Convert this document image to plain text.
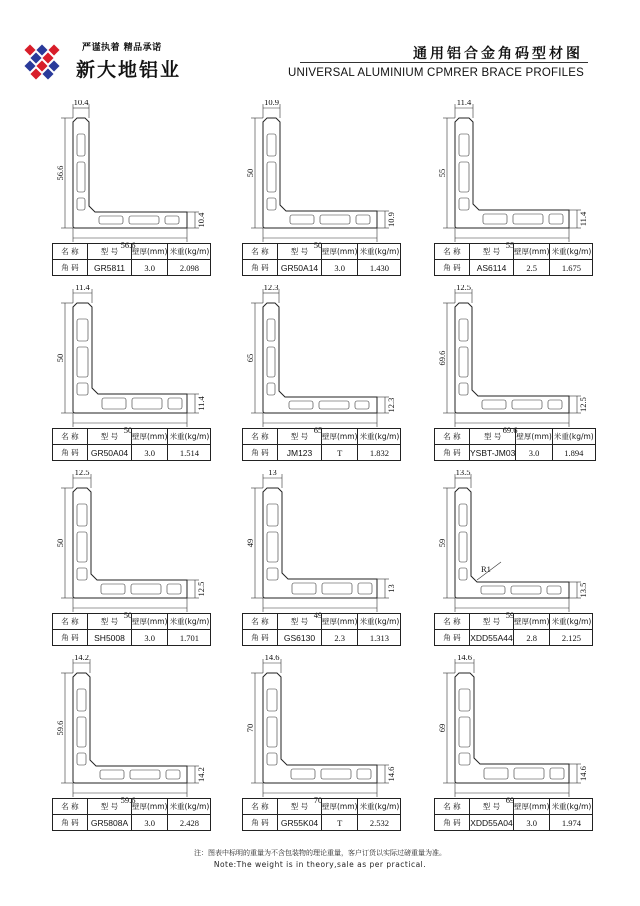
严谨执着 精品承诺
新大地铝业
通用铝合金角码型材图
UNIVERSAL ALUMINIUM CPMRER BRACE PROFILES
10.4
56.6
56.6
10.4
名 称	型 号	壁厚(mm)	米重(kg/m)
角 码	GR5811	3.0	2.098
10.9
50
50
10.9
名 称	型 号	壁厚(mm)	米重(kg/m)
角 码	GR50A14	3.0	1.430
11.4
55
55
11.4
名 称	型 号	壁厚(mm)	米重(kg/m)
角 码	AS6114	2.5	1.675
11.4
50
50
11.4
名 称	型 号	壁厚(mm)	米重(kg/m)
角 码	GR50A04	3.0	1.514
12.3
65
65
12.3
名 称	型 号	壁厚(mm)	米重(kg/m)
角 码	JM123	T	1.832
12.5
69.6
69.6
12.5
名 称	型 号	壁厚(mm)	米重(kg/m)
角 码	YSBT-JM03	3.0	1.894
12.5
50
50
12.5
名 称	型 号	壁厚(mm)	米重(kg/m)
角 码	SH5008	3.0	1.701
13
49
49
13
名 称	型 号	壁厚(mm)	米重(kg/m)
角 码	GS6130	2.3	1.313
13.5
59
59
13.5
R1
名 称	型 号	壁厚(mm)	米重(kg/m)
角 码	XDD55A44	2.8	2.125
14.2
59.6
59.6
14.2
名 称	型 号	壁厚(mm)	米重(kg/m)
角 码	GR5808A	3.0	2.428
14.6
70
70
14.6
名 称	型 号	壁厚(mm)	米重(kg/m)
角 码	GR55K04	T	2.532
14.6
69
69
14.6
名 称	型 号	壁厚(mm)	米重(kg/m)
角 码	XDD55A04	3.0	1.974
注：图表中标明的重量为不含包装物的理论重量，客户订货以实际过磅重量为准。
Note:The weight is in theory,sale as per practical.
